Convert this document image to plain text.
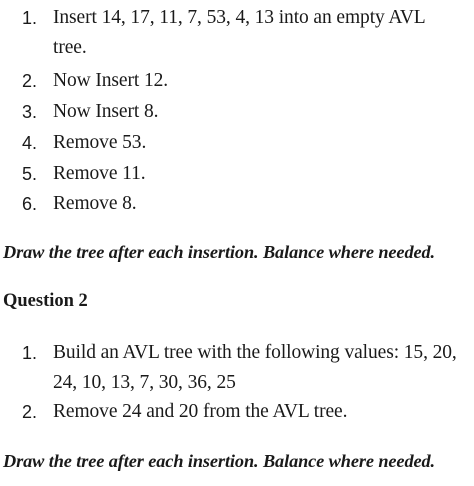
1. Insert 14, 17, 11, 7, 53, 4, 13 into an empty AVL tree.
2. Now Insert 12.
3. Now Insert 8.
4. Remove 53.
5. Remove 11.
6. Remove 8.
Draw the tree after each insertion. Balance where needed.
Question 2
1. Build an AVL tree with the following values: 15, 20, 24, 10, 13, 7, 30, 36, 25
2. Remove 24 and 20 from the AVL tree.
Draw the tree after each insertion. Balance where needed.
